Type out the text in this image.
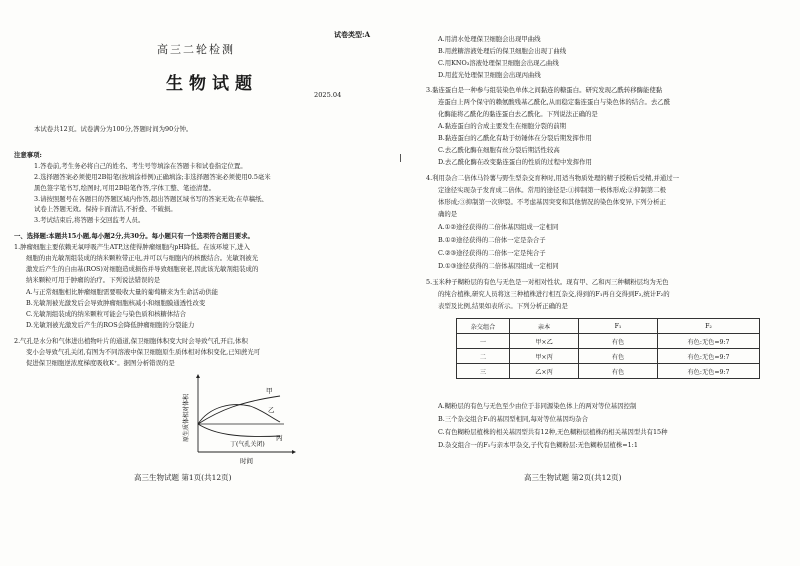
试卷类型:A
高三二轮检测
生物试题
2025.04
本试卷共12页。试卷满分为100分,答题时间为90分钟。
注意事项:
1.答卷前,考生务必将自己的姓名、考生号等填涂在答题卡和试卷指定位置。
2.选择题答案必须使用2B铅笔(按填涂样例)正确填涂;非选择题答案必须使用0.5毫米
黑色签字笔书写,绘图时,可用2B铅笔作答,字体工整、笔迹清楚。
3.请按照题号在各题目的答题区域内作答,超出答题区域书写的答案无效;在草稿纸、
试卷上答题无效。保持卡面清洁,不折叠、不破损。
3.考试结束后,将答题卡交回监考人员。
一、选择题:本题共15小题,每小题2分,共30分。每小题只有一个选项符合题目要求。
1.肿瘤细胞主要依赖无氧呼吸产生ATP,这使得肿瘤细胞内pH降低。在该环境下,进入
细胞的由光敏剂组装成的纳米颗粒带正电,并可以与细胞内的核酸结合。光敏剂被光
激发后产生的自由基(ROS)对细胞造成损伤并导致细胞衰老,因此该光敏剂组装成的
纳米颗粒可用于肿瘤的治疗。下列说法错误的是
A.与正常细胞相比肿瘤细胞需要吸收大量的葡萄糖来为生命活动供能
B.光敏剂被光激发后会导致肿瘤细胞核减小和细胞膜通透性改变
C.光敏剂组装成的纳米颗粒可能会与染色质和核糖体结合
D.光敏剂被光激发后产生的ROS会降低肿瘤细胞的分裂能力
2.气孔是水分和气体进出植物叶片的通道,保卫细胞体积变大时会导致气孔开启,体积
变小会导致气孔关闭,有图为不同溶液中保卫细胞原生质体相对体积变化,已知蔗光可
促进保卫细胞逆浓度梯度吸收K⁺。据图分析错误的是
甲
乙
丙
丁(气孔关闭)
时间
原生质体相对体积
高三生物试题 第1页(共12页)
A.用清水处理保卫细胞会出现甲曲线
B.用蔗糖溶液处理后的保卫细胞会出现丁曲线
C.用KNO₃溶液处理保卫细胞会出现乙曲线
D.用蓝光处理保卫细胞会出现丙曲线
3.黏连蛋白是一种参与组装染色单体之间黏连的糖蛋白。研究发现乙酰转移酶能使黏
连蛋白上两个保守的赖氨酸残基乙酰化,从而稳定黏连蛋白与染色体的结合。去乙酰
化酶能将乙酰化的黏连蛋白去乙酰化。下列说法正确的是
A.黏连蛋白的合成主要发生在细胞分裂的前期
B.黏连蛋白的乙酰化有助于纺锤体在分裂后期发挥作用
C.去乙酰化酶在细胞有丝分裂后期活性较高
D.去乙酰化酶在改变黏连蛋白的性质的过程中发挥作用
4.利用杂合二倍体马铃薯与野生型杂交育种时,用适当物质处理的精子授粉后受精,并通过一
定途径实现杂子发育成二倍体。常用的途径是:①抑制第一极体形成;②抑制第二极
体形成;③抑制第一次卵裂。不考虑基因突变和其他情况的染色体变异,下列分析正
确的是
A.①②途径获得的二倍体基因组成一定相同
B.①②途径获得的二倍体一定是杂合子
C.②③途径获得的二倍体一定是纯合子
D.①③途径获得的二倍体基因组成一定相同
5.玉米种子糊粉层的有色与无色是一对相对性状。现有甲、乙和丙三种糊粉层均为无色
的纯合植株,研究人员将这三种植株进行相互杂交,得到的F₁再自交得到F₂,统计F₂的
表型及比例,结果如表所示。下列分析正确的是
杂交组合	亲本	F₁	F₂
一	甲×乙	有色	有色:无色=9:7
二	甲×丙	有色	有色:无色=9:7
三	乙×丙	有色	有色:无色=9:7
A.糊粉层的有色与无色至少由位于非同源染色体上的两对等位基因控制
B.三个杂交组合F₁的基因型相同,每对等位基因均杂合
C.有色糊粉层植株的相关基因型共有12种,无色糊粉层植株的相关基因型共有15种
D.杂交组合一的F₁与亲本甲杂交,子代有色糊粉层:无色糊粉层植株=1:1
高三生物试题 第2页(共12页)
